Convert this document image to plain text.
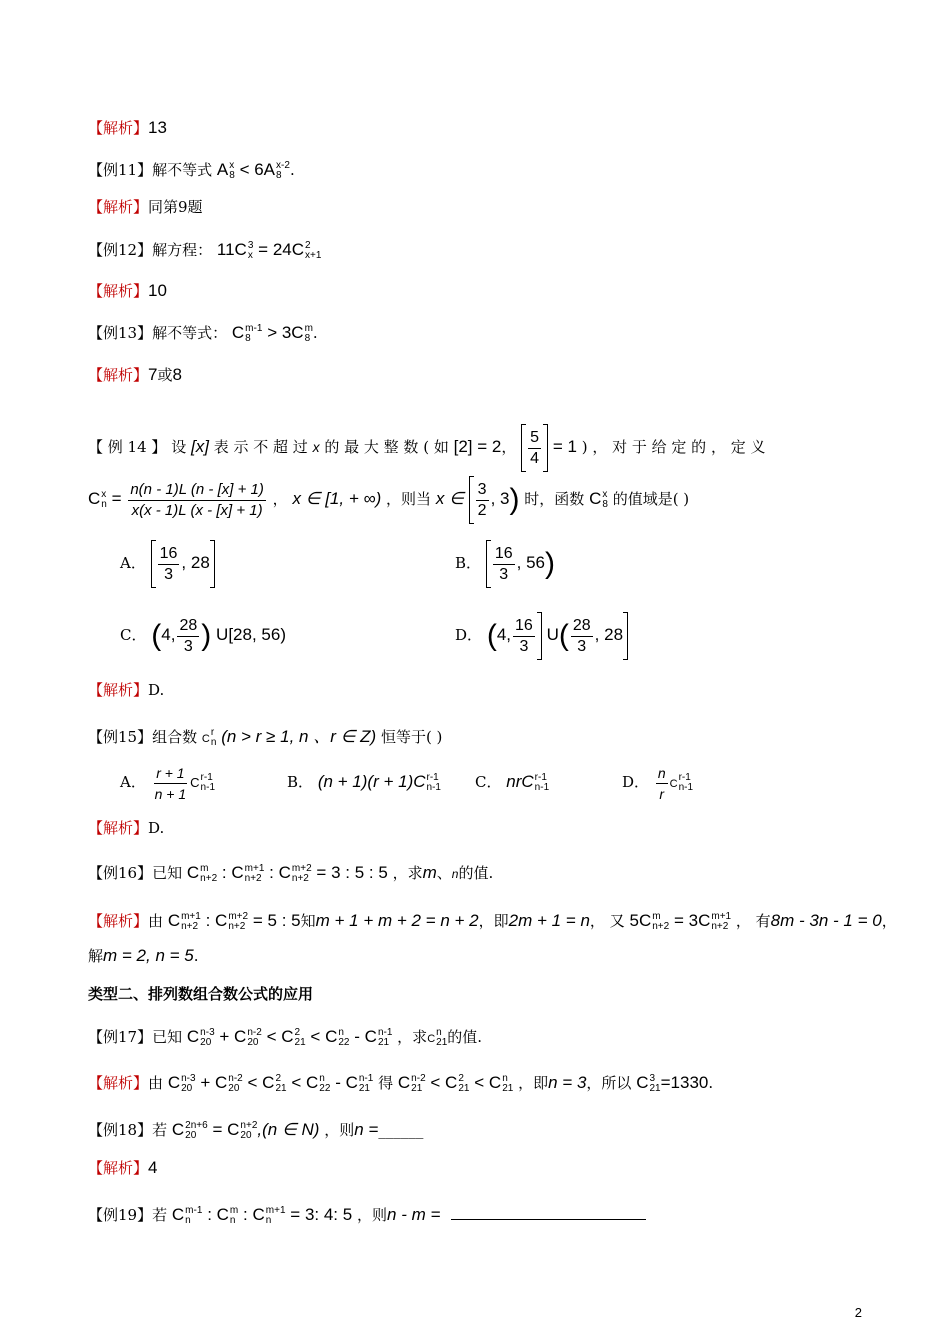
【解析】13
【例11】解不等式 A x
8 < 6A x-2
8 .
【解析】同第9题
【例12】解方程： 11C 3
x = 24C 2
x+1
【解析】10
【例13】解不等式： C m-1
8 > 3C m
8 .
【解析】7或8
【 例 14 】 设 [x] 表 示 不 超 过 x 的 最 大 整 数 ( 如 [2] = 2， $\frac{5}{4} = 1$ ) ， 对 于 给 定 的 ， 定 义
C x
$n = \frac{n(n - 1)L (n - [x] + 1)}{x(x - 1)L (x - [x] + 1)}$ ， x ∈ [1, + ∞) ，则当 x ∈ $\frac{3}{2}$ , 3) 时，函数 C x
8 的值域是( )
A． $\frac{16}{3}$ , 28	B． $\frac{16}{3}$ , 56)
C． (4, $\frac{28}{3}$ ) U[28, 56)	D． (4, $\frac{16}{3} U( \frac{28}{3}$ , 28
【解析】D.
【例15】组合数 C
r
n (n > r ≥ 1, n 、r ∈ Z) 恒等于( )
A． $\frac{r + 1}{n + 1}$ C r-1
n-1	B． (n + 1)(r + 1)C r-1
n-1 C． nrC r-1
n-1	D． $\frac{n}{r}$ C
r-1
n-1
【解析】D.
【例16】已知 C m
n+2 : C m+1
n+2 : C m+2
n+2 = 3 : 5 : 5 ，求m、n的值.
【解析】由 C m+1
n+2 : C m+2
n+2 = 5 : 5知m + 1 + m + 2 = n + 2，即2m + 1 = n， 又 5C m
n+2 = 3C m+1
n+2 ， 有8m - 3n - 1 = 0，
解m = 2, n = 5.
类型二、排列数组合数公式的应用
【例17】已知 C n-3
20 + C n-2
20 < C 2
21 < C n
22 - C n-1
21 ，求C
n
21 的值.
【解析】由 C n-3
20 + C n-2
20 < C 2
21 < C n
22 - C n-1
21 得 C n-2
21 < C 2
21 < C n
21 ，即n = 3，所以 C 3
21 =1330.
【例18】若 C 2n+6
20 = C n+2
20 ,(n ∈ N) ，则n =______
【解析】4
【例19】若 C m-1
n : C m
n : C m+1
n	= 3: 4: 5 ，则n - m =
2
